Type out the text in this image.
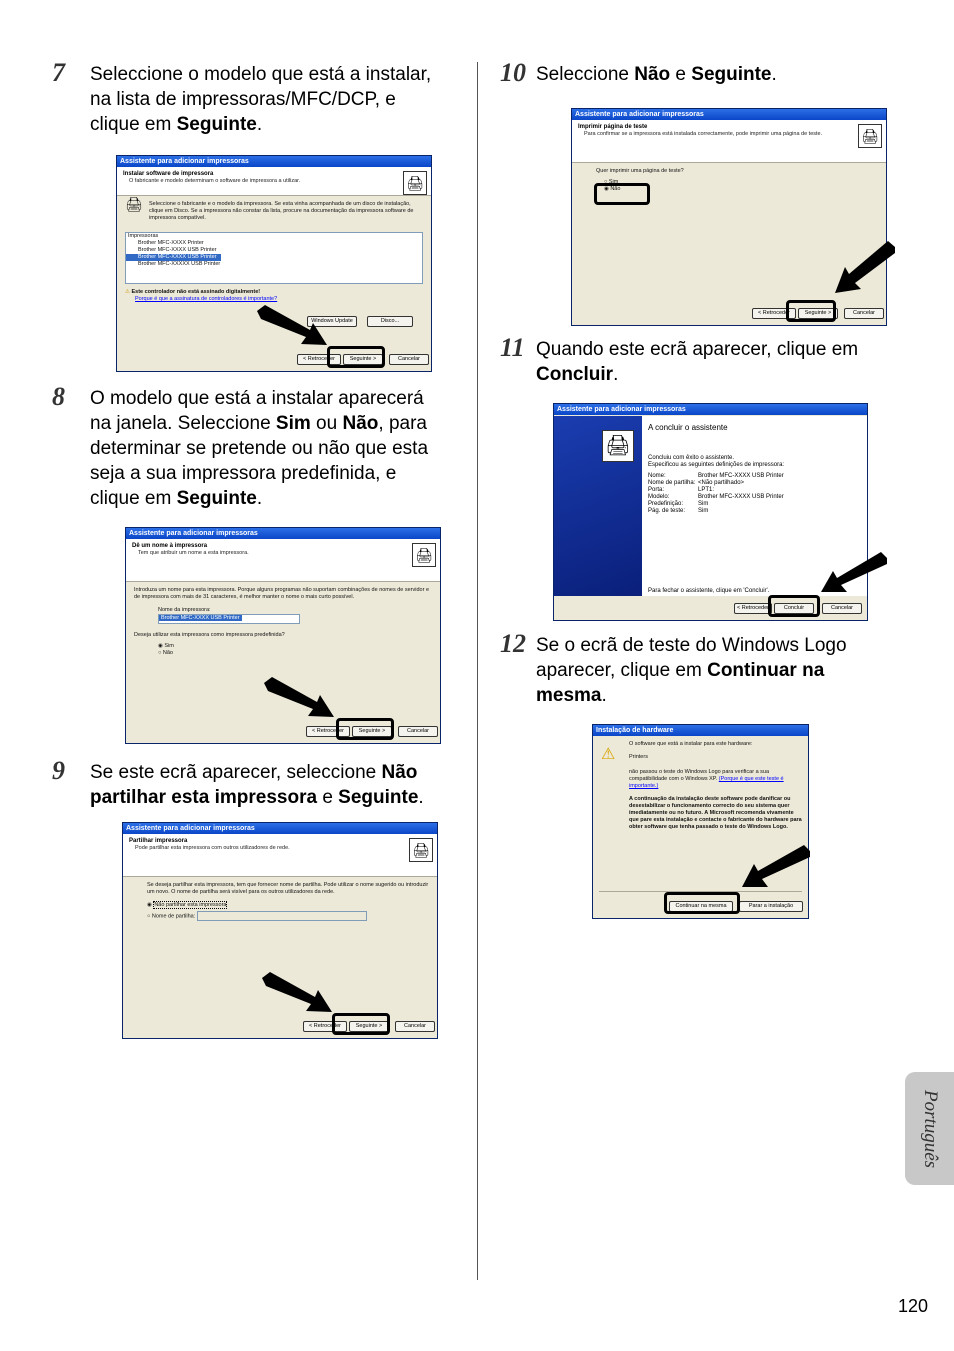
7 Seleccione o modelo que está a instalar,
na lista de impressoras/MFC/DCP, e
clique em Seguinte.
Assistente para adicionar impressoras
Instalar software de impressora
O fabricante e modelo determinam o software de impressora a utilizar.	🖨
🖨 Seleccione o fabricante e o modelo da impressora. Se esta vinha acompanhada de um disco de instalação, clique em Disco. Se a impressora não constar da lista, procure na documentação da impressora software de impressora compatível.
Impressoras
Brother MFC-XXXX Printer
Brother MFC-XXXX USB Printer
Brother MFC-XXXX USB Printer
Brother MFC-XXXXX USB Printer
⚠ Este controlador não está assinado digitalmente!
Porque é que a assinatura de controladores é importante?
Windows Update	Disco...
< Retroceder	Seguinte >	Cancelar
8 O modelo que está a instalar aparecerá
na janela. Seleccione Sim ou Não, para
determinar se pretende ou não que esta
seja a sua impressora predefinida, e
clique em Seguinte.
Assistente para adicionar impressoras
Dê um nome à impressora
Tem que atribuir um nome a esta impressora.	🖨
Introduza um nome para esta impressora. Porque alguns programas não suportam combinações de nomes de servidor e de impressora com mais de 31 caracteres, é melhor manter o nome o mais curto possível.
Nome da impressora:
Brother MFC-XXXX USB Printer
Deseja utilizar esta impressora como impressora predefinida?
◉ Sim
○ Não
< Retroceder	Seguinte >	Cancelar
9 Se este ecrã aparecer, seleccione Não
partilhar esta impressora e Seguinte.
Assistente para adicionar impressoras
Partilhar impressora
Pode partilhar esta impressora com outros utilizadores de rede.	🖨
Se deseja partilhar esta impressora, tem que fornecer nome de partilha. Pode utilizar o nome sugerido ou introduzir um novo. O nome de partilha será visível para os outros utilizadores da rede.
◉ Não partilhar esta impressora
○ Nome de partilha:
< Retroceder	Seguinte >	Cancelar
10 Seleccione Não e Seguinte.
Assistente para adicionar impressoras
Imprimir página de teste
Para confirmar se a impressora está instalada correctamente, pode imprimir uma página de teste.	🖨
Quer imprimir uma página de teste?
○ Sim
◉ Não
< Retroceder	Seguinte >	Cancelar
11 Quando este ecrã aparecer, clique em
Concluir.
Assistente para adicionar impressoras
🖨
A concluir o assistente
Concluiu com êxito o assistente.
Especificou as seguintes definições de impressora:
Nome:	Brother MFC-XXXX USB Printer
Nome de partilha: <Não partilhado>
Porta:	LPT1:
Modelo:	Brother MFC-XXXX USB Printer
Predefinição: Sim
Pág. de teste: Sim
Para fechar o assistente, clique em 'Concluir'.
< Retroceder	Concluir	Cancelar
12 Se o ecrã de teste do Windows Logo
aparecer, clique em Continuar na
mesma.
Instalação de hardware
⚠
O software que está a instalar para este hardware:
Printers
não passou o teste do Windows Logo para verificar a sua compatibilidade com o Windows XP. (Porque é que este teste é importante.)
A continuação da instalação deste software pode danificar ou desestabilizar o funcionamento correcto do seu sistema quer imediatamente ou no futuro. A Microsoft recomenda vivamente que pare esta instalação e contacte o fabricante do hardware para obter software que tenha passado o teste do Windows Logo.
Continuar na mesma	Parar a instalação
Português
120
